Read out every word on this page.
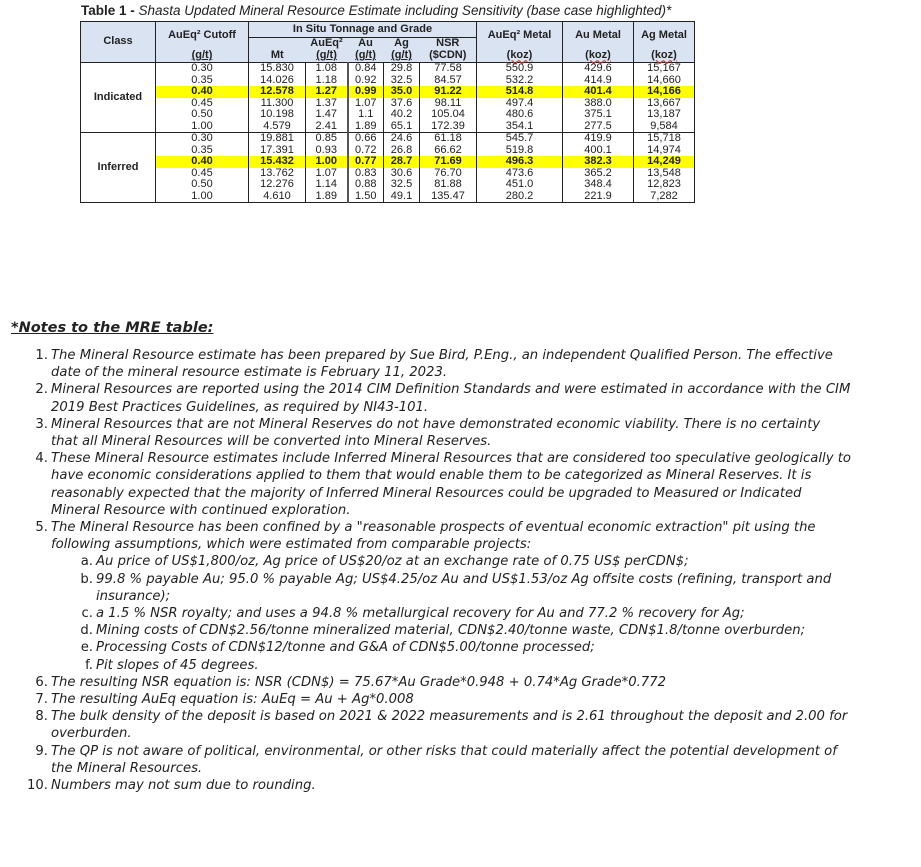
Table 1 - Shasta Updated Mineral Resource Estimate including Sensitivity (base case highlighted)*
Class	AuEq² Cutoff	In Situ Tonnage and Grade					AuEq² Metal	Au Metal	Ag Metal
			AuEq²	Au	Ag	NSR			
	(g/t)	Mt	(g/t)	(g/t)	(g/t)	($CDN)	(koz)	(koz)	(koz)
Indicated	0.30	15.830	1.08	0.84	29.8	77.58	550.9	429.6	15,167
	0.35	14.026	1.18	0.92	32.5	84.57	532.2	414.9	14,660
	0.40	12.578	1.27	0.99	35.0	91.22	514.8	401.4	14,166
	0.45	11.300	1.37	1.07	37.6	98.11	497.4	388.0	13,667
	0.50	10.198	1.47	1.1	40.2	105.04	480.6	375.1	13,187
	1.00	4.579	2.41	1.89	65.1	172.39	354.1	277.5	9,584
Inferred	0.30	19.881	0.85	0.66	24.6	61.18	545.7	419.9	15,718
	0.35	17.391	0.93	0.72	26.8	66.62	519.8	400.1	14,974
	0.40	15.432	1.00	0.77	28.7	71.69	496.3	382.3	14,249
	0.45	13.762	1.07	0.83	30.6	76.70	473.6	365.2	13,548
	0.50	12.276	1.14	0.88	32.5	81.88	451.0	348.4	12,823
	1.00	4.610	1.89	1.50	49.1	135.47	280.2	221.9	7,282
*Notes to the MRE table:
1. The Mineral Resource estimate has been prepared by Sue Bird, P.Eng., an independent Qualified Person. The effective date of the mineral resource estimate is February 11, 2023.
2. Mineral Resources are reported using the 2014 CIM Definition Standards and were estimated in accordance with the CIM 2019 Best Practices Guidelines, as required by NI43-101.
3. Mineral Resources that are not Mineral Reserves do not have demonstrated economic viability. There is no certainty that all Mineral Resources will be converted into Mineral Reserves.
4. These Mineral Resource estimates include Inferred Mineral Resources that are considered too speculative geologically to have economic considerations applied to them that would enable them to be categorized as Mineral Reserves. It is reasonably expected that the majority of Inferred Mineral Resources could be upgraded to Measured or Indicated Mineral Resource with continued exploration.
5. The Mineral Resource has been confined by a "reasonable prospects of eventual economic extraction" pit using the following assumptions, which were estimated from comparable projects:
a. Au price of US$1,800/oz, Ag price of US$20/oz at an exchange rate of 0.75 US$ perCDN$;
b. 99.8 % payable Au; 95.0 % payable Ag; US$4.25/oz Au and US$1.53/oz Ag offsite costs (refining, transport and insurance);
c. a 1.5 % NSR royalty; and uses a 94.8 % metallurgical recovery for Au and 77.2 % recovery for Ag;
d. Mining costs of CDN$2.56/tonne mineralized material, CDN$2.40/tonne waste, CDN$1.8/tonne overburden;
e. Processing Costs of CDN$12/tonne and G&A of CDN$5.00/tonne processed;
f. Pit slopes of 45 degrees.
6. The resulting NSR equation is: NSR (CDN$) = 75.67*Au Grade*0.948 + 0.74*Ag Grade*0.772
7. The resulting AuEq equation is: AuEq = Au + Ag*0.008
8. The bulk density of the deposit is based on 2021 & 2022 measurements and is 2.61 throughout the deposit and 2.00 for overburden.
9. The QP is not aware of political, environmental, or other risks that could materially affect the potential development of the Mineral Resources.
10. Numbers may not sum due to rounding.
